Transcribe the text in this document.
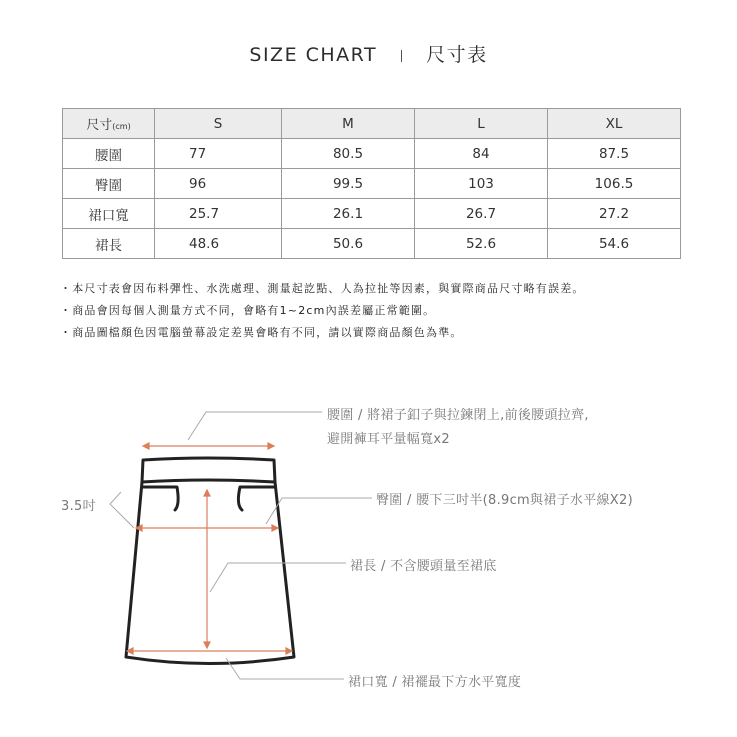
SIZE CHART	尺寸表
尺寸(cm)	S	M	L	XL
腰圍	77	80.5	84	87.5
臀圍	96	99.5	103	106.5
裙口寬	25.7	26.1	26.7	27.2
裙長	48.6	50.6	52.6	54.6
・ 本尺寸表會因布料彈性、水洗處理、測量起訖點、人為拉扯等因素，與實際商品尺寸略有誤差。
・ 商品會因每個人測量方式不同，會略有1~2cm內誤差屬正常範圍。
・ 商品圖檔顏色因電腦螢幕設定差異會略有不同，請以實際商品顏色為準。
腰圍 / 將裙子釦子與拉鍊閉上,前後腰頭拉齊,
避開褲耳平量幅寬x2
臀圍 / 腰下三吋半(8.9cm與裙子水平線X2)
3.5吋
裙長 / 不含腰頭量至裙底
裙口寬 / 裙襬最下方水平寬度
